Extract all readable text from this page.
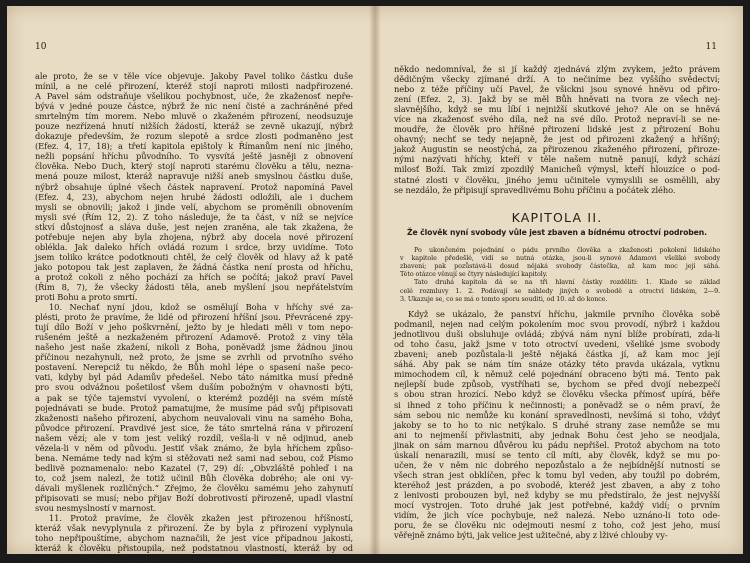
10
ale proto, že se v těle více objevuje. Jakoby Pavel toliko částku duše
mínil, a ne celé přirození, kteréž stojí naproti milosti nadpřirozené.
A Pavel sám odstraňuje všelikou pochybnost, uče, že zkaženosť nepře-
bývá v jedné pouze částce, nýbrž že nic není čisté a zachráněné před
smrtelným tím morem. Nebo mluvě o zkaženém přirození, neodsuzuje
pouze nezřízená hnutí nižších žádostí, kteráž se zevně ukazují, nýbrž
dokazuje především, že rozum slepotě a srdce zlosti podmaněno jest
(Efez. 4, 17, 18); a třetí kapitola epištoly k Římanům není nic jiného,
nežli popsání hříchu původního. To vysvítá ještě jasněji z obnovení
člověka. Nebo Duch, který stojí naproti starému člověku a tělu, nezna-
mená pouze milost, kteráž napravuje nižší aneb smyslnou částku duše,
nýbrž obsahuje úplné všech částek napravení. Protož napomíná Pavel
(Efez. 4, 23), abychom nejen hrubé žádosti odložili, ale i duchem
mysli se obnovili; jakož i jinde velí, abychom se proměnili obnovením
mysli své (Řím 12, 2). Z toho následuje, že ta část, v níž se nejvíce
stkví důstojnosť a sláva duše, jest nejen zraněna, ale tak zkažena, že
potřebuje nejen aby byla zhojena, nýbrž aby docela nové přirození
oblékla. Jak daleko hřích ovládá rozum i srdce, brzy uvidíme. Toto
jsem toliko krátce podotknouti chtěl, že celý člověk od hlavy až k patě
jako potopou tak jest zaplaven, že žádná částka není prosta od hříchu,
a protož cokoli z něho pochází za hřích se počítá; jakož praví Pavel
(Řím 8, 7), že všecky žádosti těla, aneb myšlení jsou nepřátelstvím
proti Bohu a proto smrtí.
10. Nechať nyní jdou, kdož se osmělují Boha v hříchy své za-
plésti, proto že pravíme, že lidé od přirození hříšní jsou. Převrácené zpy-
tují dílo Boží v jeho poškvrnění, ježto by je hledati měli v tom nepo-
rušeném ještě a nezkaženém přirození Adamově. Protož z viny těla
našeho jest naše zkažení, nikoli z Boha, poněvadž jsme žádnou jinou
příčinou nezahynuli, než proto, že jsme se zvrhli od prvotního svého
postavení. Nerepciž tu někdo, že Bůh mohl lépe o spasení naše peco-
vati, kdyby byl pád Adamův předešel. Nebo táto námitka musí předně
pro svou odvážnou pošetilosť všem duším pobožným v ohavnosti býti,
a pak se týče tajemství vyvolení, o kterémž později na svém místě
pojednávati se bude. Protož pamatujme, že musíme pád svůj připisovati
zkaženosti našeho přirození, abychom neuvalovali vinu na samého Boha,
původce přirození. Pravdivé jest sice, že táto smrtelná rána v přirození
našem vězí; ale v tom jest veliký rozdíl, vešla-li v ně odjinud, aneb
vězela-li v něm od původu. Jestiť však známo, že byla hříchem způso-
bena. Nemáme tedy nad kým si stěžovati než sami nad sebou, což Písmo
bedlivě poznamenalo: nebo Kazatel (7, 29) dí: „Obvzláště pohleď i na
to, což jsem nalezl, že totiž učinil Bůh člověka dobrého; ale oni vy-
dávali myšlenek rozličných.“ Zřejmo, že člověku samému jeho zahynutí
připisovati se musí; nebo přijav Boží dobrotivostí přirozeně, upadl vlastní
svou nesmyslností v marnost.
11. Protož pravíme, že člověk zkažen jest přirozenou hříšností,
kteráž však nevyplynula z přirození. Že by byla z přirození vyplynula
toho nepřipouštíme, abychom naznačili, že jest více případnou jakostí,
kteráž k člověku přistoupila, než podstatnou vlastností, kteráž by od
počátku v člověka vložena byla. Nazýváme však ji přirozenou, aby se
11
někdo nedomníval, že si jí každý zjednává zlým zvykem, ježto právem
dědičným všecky zjímané drží. A to nečiníme bez vyššího svědectví;
nebo z téže příčiny učí Pavel, že všickni jsou synové hněvu od přiro-
zení (Efez. 2, 3). Jakž by se měl Bůh hněvati na tvora ze všech nej-
slavnějšího, když se mu líbí i nejnižší skutkové jeho? Ale on se hněvá
více na zkaženosť svého díla, než na své dílo. Protož nepraví-li se ne-
moudře, že člověk pro hříšné přirození lidské jest z přirození Bohu
ohavný; nechť se tedy nejapně, že jest od přirozeni zkažený a hříšný;
jakož Augustin se neostýchá, za přirozenou zkaženého přirození, přiroze-
nými nazývati hříchy, kteří v těle našem nutně panují, když schází
milosť Boží. Tak zmizí zpozdilý Manicheů výmysl, kteří hlouzíce o pod-
statné zlosti v člověku, jiného jemu učinitele vymyslili se osmělili, aby
se nezdálo, že připisují spravedlivému Bohu příčinu a počátek zlého.
KAPITOLA II.
Že člověk nyní svobody vůle jest zbaven a bídnému otroctví podroben.
Po ukončeném pojednání o pádu prvního člověka a zkaženosti pokolení lidského
v kapitole předešlé, vidí se nutná otázka, jsou-li synové Adamovi všeliké svobody
zbaveni; pak pozůstává-li dosud nějaká svobody částečka, až kam moc její sáhá.
Této otázce věnují se čtyry následující kapitoly.
Tato druhá kapitola dá se na tři hlavní částky rozděliti: 1. Klade se základ
celé rozmluvy 1. 2. Podávají se náhledy jiných o svobodě a otroctví lidském, 2—9.
3. Ukazuje se, co se má o tomto sporu souditi, od 10. až do konce.
Když se ukázalo, že panství hříchu, jakmile prvního člověka sobě
podmanil, nejen nad celým pokolením moc svou provodí, nýbrž i každou
jednotlivou duši obsluhuje ovládá; zbývá nám nyní blíže probírati, zda-li
od toho času, jakž jsme v toto otroctví uvedeni, všeliké jsme svobody
zbaveni; aneb pozůstala-li ještě nějaká částka jí, až kam moc její
sáhá. Aby pak se nám tím snáze otázky této pravda ukázala, vytknu
mimochodem cíl, k němuž celé pojednání obraceno býti má. Tento pak
nejlepší bude způsob, vystříhati se, bychom se před dvojí nebezpečí
s obou stran hrozící. Nebo když se člověku všecka přímosť upírá, běře
si ihned z toho příčinu k nečinnosti; a poněvadž se o něm praví, že
sám sebou nic nemůže ku konání spravedlnosti, nevšímá si toho, vždyť
jakoby se to ho to nic netýkalo. S druhé strany zase nemůže se mu
ani to nejmenší přivlastniti, aby jednak Bohu čest jeho se neodjala,
jinak on sám marnou důvěrou ku pádu nepřišel. Protož abychom na toto
úskalí nenarazili, musí se tento cíl míti, aby člověk, když se mu po-
učen, že v něm nic dobrého nepozůstalo a že nejbídnější nutností se
všech stran jest obklíčen, přec k tomu byl veden, aby toužil po dobrém,
kteréhož jest prázden, a po svobodě, kteréž jest zbaven, a aby z toho
z lenivosti probouzen byl, než kdyby se mu předstíralo, že jest nejvyšší
mocí vystrojen. Toto druhé jak jest potřebné, každý vidí; o prvním
vidím, že jich více pochybuje, než nalezá. Nebo uznáno-li toto ode-
poru, že se člověku nic odejmouti nesmí z toho, což jest jeho, musí
věřejně známo býti, jak velice jest užitečné, aby z lživé chlouby vy-
